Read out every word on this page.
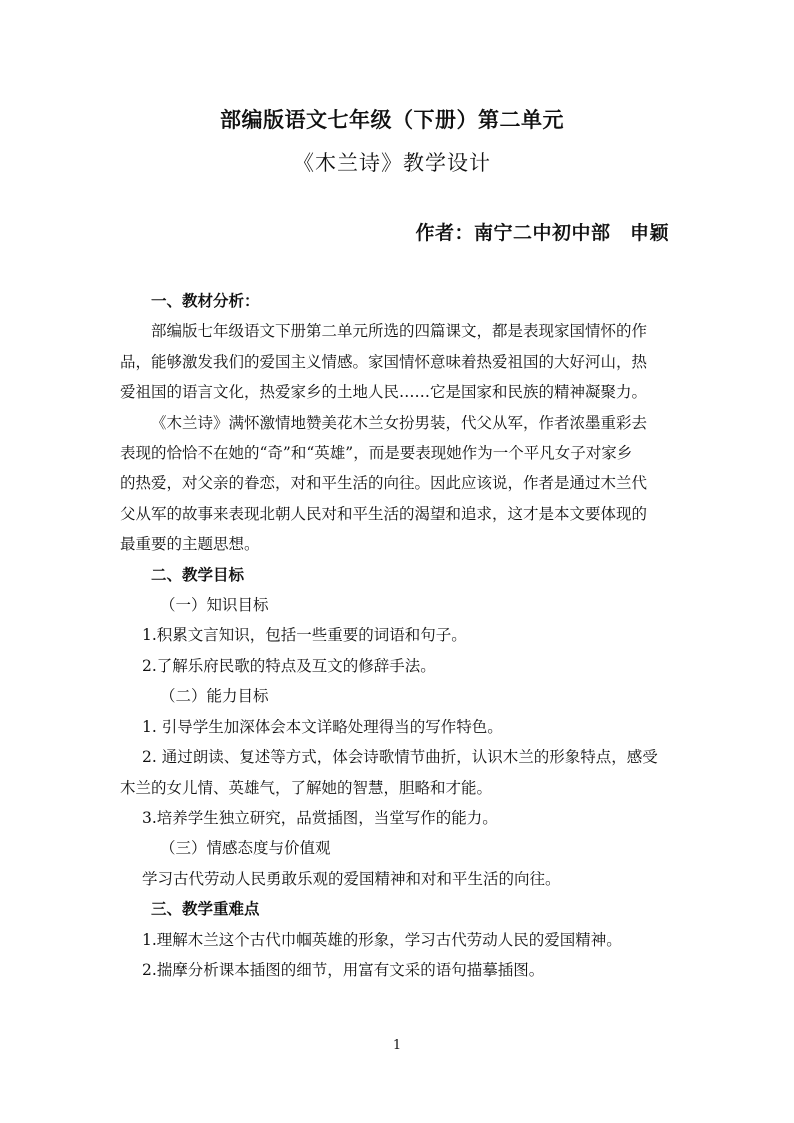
部编版语文七年级（下册）第二单元
《木兰诗》教学设计
作者：南宁二中初中部　申颖

一、教材分析：

部编版七年级语文下册第二单元所选的四篇课文，都是表现家国情怀的作

品，能够激发我们的爱国主义情感。家国情怀意味着热爱祖国的大好河山，热

爱祖国的语言文化，热爱家乡的土地人民……它是国家和民族的精神凝聚力。

《木兰诗》满怀激情地赞美花木兰女扮男装，代父从军，作者浓墨重彩去

表现的恰恰不在她的“奇”和“英雄”，而是要表现她作为一个平凡女子对家乡

的热爱，对父亲的眷恋，对和平生活的向往。因此应该说，作者是通过木兰代

父从军的故事来表现北朝人民对和平生活的渴望和追求，这才是本文要体现的

最重要的主题思想。

二、教学目标

（一）知识目标

1.积累文言知识，包括一些重要的词语和句子。

2.了解乐府民歌的特点及互文的修辞手法。

（二）能力目标

1. 引导学生加深体会本文详略处理得当的写作特色。

2. 通过朗读、复述等方式，体会诗歌情节曲折，认识木兰的形象特点，感受

木兰的女儿情、英雄气，了解她的智慧，胆略和才能。

3.培养学生独立研究，品赏插图，当堂写作的能力。

（三）情感态度与价值观

学习古代劳动人民勇敢乐观的爱国精神和对和平生活的向往。

三、教学重难点

1.理解木兰这个古代巾帼英雄的形象，学习古代劳动人民的爱国精神。

2.揣摩分析课本插图的细节，用富有文采的语句描摹插图。

1
